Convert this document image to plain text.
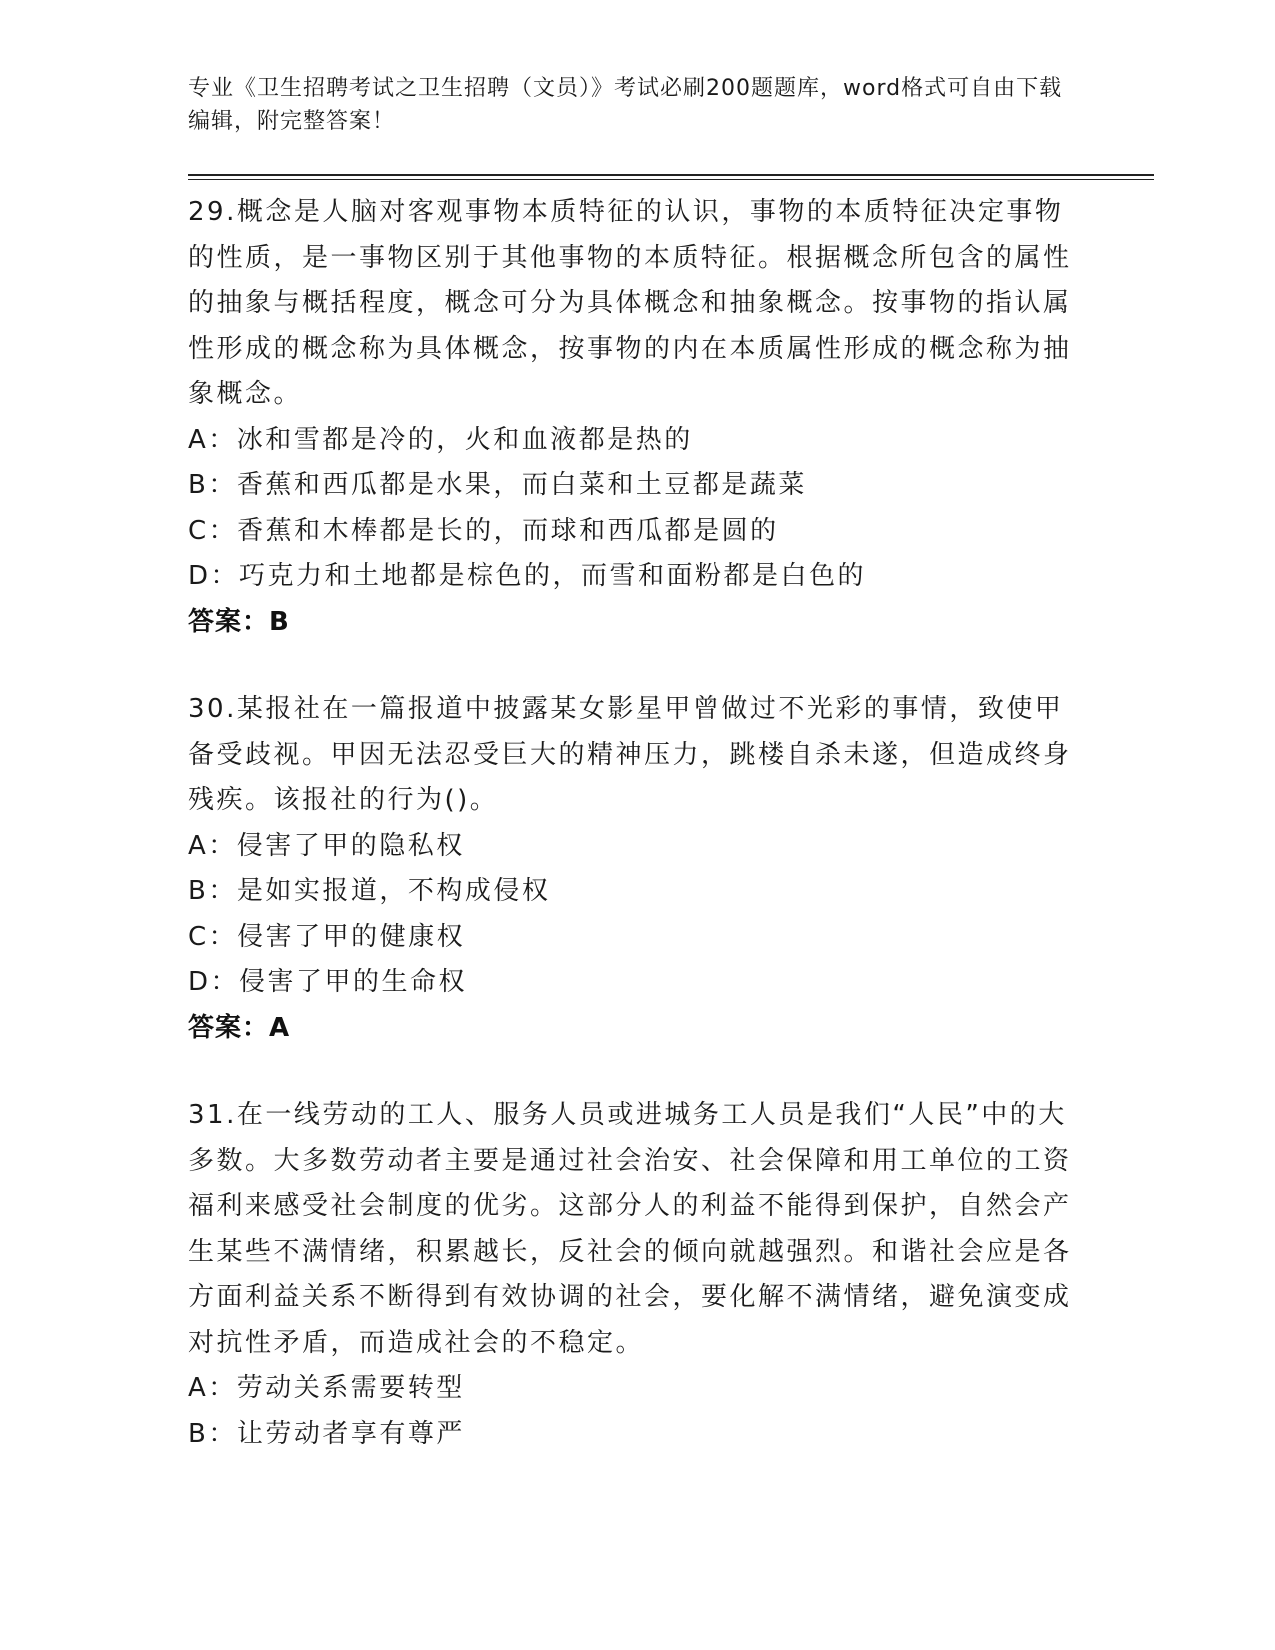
专业《卫生招聘考试之卫生招聘（文员）》考试必刷200题题库，word格式可自由下载编辑，附完整答案！

29.概念是人脑对客观事物本质特征的认识，事物的本质特征决定事物的性质，是一事物区别于其他事物的本质特征。根据概念所包含的属性的抽象与概括程度，概念可分为具体概念和抽象概念。按事物的指认属性形成的概念称为具体概念，按事物的内在本质属性形成的概念称为抽象概念。

A：冰和雪都是冷的，火和血液都是热的

B：香蕉和西瓜都是水果，而白菜和土豆都是蔬菜

C：香蕉和木棒都是长的，而球和西瓜都是圆的

D：巧克力和土地都是棕色的，而雪和面粉都是白色的

答案：B

30.某报社在一篇报道中披露某女影星甲曾做过不光彩的事情，致使甲备受歧视。甲因无法忍受巨大的精神压力，跳楼自杀未遂，但造成终身残疾。该报社的行为()。

A：侵害了甲的隐私权

B：是如实报道，不构成侵权

C：侵害了甲的健康权

D：侵害了甲的生命权

答案：A

31.在一线劳动的工人、服务人员或进城务工人员是我们“人民”中的大多数。大多数劳动者主要是通过社会治安、社会保障和用工单位的工资福利来感受社会制度的优劣。这部分人的利益不能得到保护，自然会产生某些不满情绪，积累越长，反社会的倾向就越强烈。和谐社会应是各方面利益关系不断得到有效协调的社会，要化解不满情绪，避免演变成对抗性矛盾，而造成社会的不稳定。

A：劳动关系需要转型

B：让劳动者享有尊严
